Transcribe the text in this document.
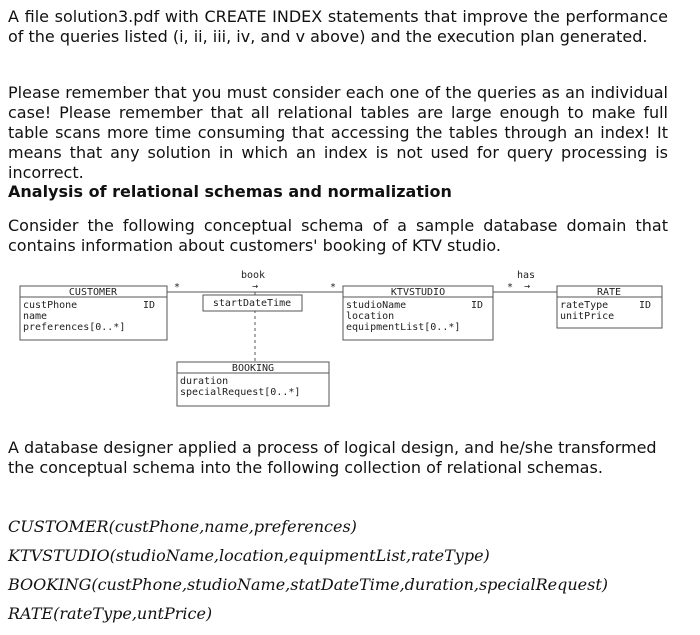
A file solution3.pdf with CREATE INDEX statements that improve the performance of the queries listed (i, ii, iii, iv, and v above) and the execution plan generated.

Please remember that you must consider each one of the queries as an individual case! Please remember that all relational tables are large enough to make full table scans more time consuming that accessing the tables through an index! It means that any solution in which an index is not used for query processing is incorrect.

Analysis of relational schemas and normalization

Consider the following conceptual schema of a sample database domain that contains information about customers' booking of KTV studio.

book
→
*	*
has
→
*
CUSTOMER
custPhone	ID
name
preferences[0..*]
startDateTime
KTVSTUDIO
studioName	ID
location
equipmentList[0..*]
RATE
rateType	ID
unitPrice
BOOKING
duration
specialRequest[0..*]

A database designer applied a process of logical design, and he/she transformed the conceptual schema into the following collection of relational schemas.

CUSTOMER(custPhone,name,preferences)
KTVSTUDIO(studioName,location,equipmentList,rateType)
BOOKING(custPhone,studioName,statDateTime,duration,specialRequest)
RATE(rateType,untPrice)
